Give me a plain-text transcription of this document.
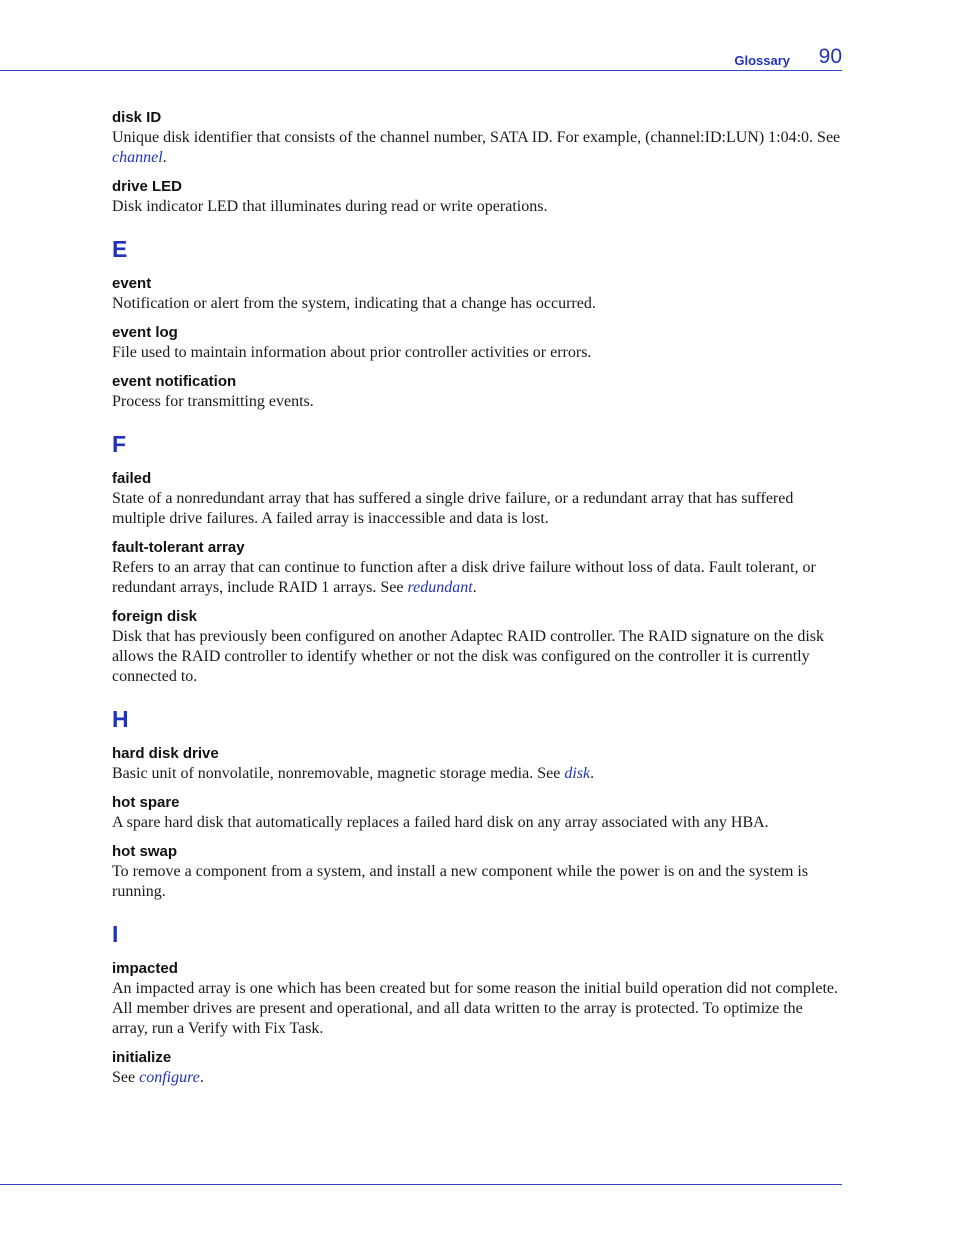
Glossary 90
disk ID
Unique disk identifier that consists of the channel number, SATA ID. For example, (channel:ID:LUN) 1:04:0. See channel.
drive LED
Disk indicator LED that illuminates during read or write operations.
E
event
Notification or alert from the system, indicating that a change has occurred.
event log
File used to maintain information about prior controller activities or errors.
event notification
Process for transmitting events.
F
failed
State of a nonredundant array that has suffered a single drive failure, or a redundant array that has suffered multiple drive failures. A failed array is inaccessible and data is lost.
fault-tolerant array
Refers to an array that can continue to function after a disk drive failure without loss of data. Fault tolerant, or redundant arrays, include RAID 1 arrays. See redundant.
foreign disk
Disk that has previously been configured on another Adaptec RAID controller. The RAID signature on the disk allows the RAID controller to identify whether or not the disk was configured on the controller it is currently connected to.
H
hard disk drive
Basic unit of nonvolatile, nonremovable, magnetic storage media. See disk.
hot spare
A spare hard disk that automatically replaces a failed hard disk on any array associated with any HBA.
hot swap
To remove a component from a system, and install a new component while the power is on and the system is running.
I
impacted
An impacted array is one which has been created but for some reason the initial build operation did not complete. All member drives are present and operational, and all data written to the array is protected. To optimize the array, run a Verify with Fix Task.
initialize
See configure.
